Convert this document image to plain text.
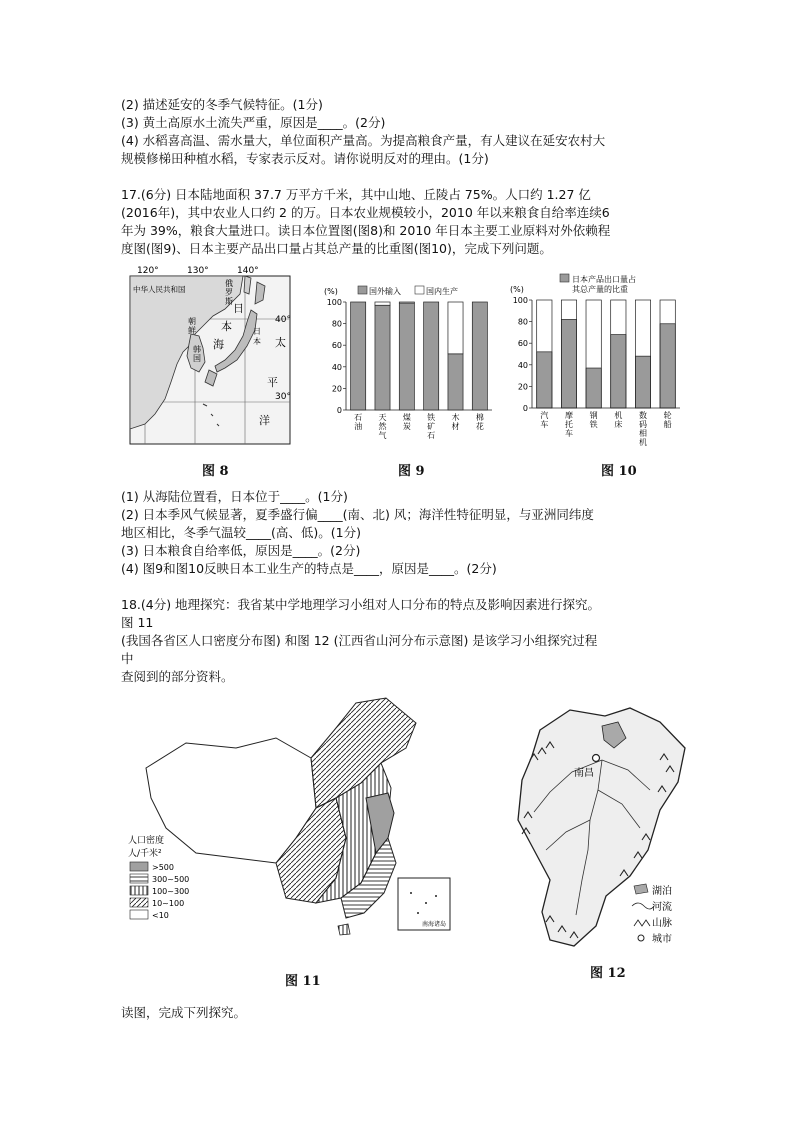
(2) 描述延安的冬季气候特征。(1分)
(3) 黄土高原水土流失严重，原因是____。(2分)
(4) 水稻喜高温、需水量大，单位面积产量高。为提高粮食产量，有人建议在延安农村大
规模修梯田种植水稻，专家表示反对。请你说明反对的理由。(1分)
17.(6分) 日本陆地面积 37.7 万平方千米，其中山地、丘陵占 75%。人口约 1.27 亿
(2016年)，其中农业人口约 2 的万。日本农业规模较小，2010 年以来粮食自给率连续6
年为 39%，粮食大量进口。读日本位置图(图8)和 2010 年日本主要工业原料对外依赖程
度图(图9)、日本主要产品出口量占其总产量的比重图(图10)，完成下列问题。
120°	130°	140°
40°
30°
中华人民共和国
俄
罗
斯
朝
鲜
韩
国
日
本
海
日
本 太
平
洋
图 8
(%)	国外输入	国内生产
0
20
40
60
80
100
石
油
天
然
气
煤
炭
铁
矿
石
木
材
棉
花
图 9
(%)
日本产品出口量占
其总产量的比重
0
20
40
60
80
100
汽
车
摩
托
车
钢
铁
机
床
数
码
相
机
轮
船
图 10
(1) 从海陆位置看，日本位于____。(1分)
(2) 日本季风气候显著，夏季盛行偏____(南、北) 风；海洋性特征明显，与亚洲同纬度
地区相比，冬季气温较____(高、低)。(1分)
(3) 日本粮食自给率低，原因是____。(2分)
(4) 图9和图10反映日本工业生产的特点是____，原因是____。(2分)
18.(4分) 地理探究：我省某中学地理学习小组对人口分布的特点及影响因素进行探究。
图 11
(我国各省区人口密度分布图) 和图 12 (江西省山河分布示意图) 是该学习小组探究过程
中
查阅到的部分资料。
南海诸岛
人口密度
人/千米²
>500
300~500
100~300
10~100
<10
图 11
南昌
湖泊
河流
山脉
城市
图 12
读图，完成下列探究。
